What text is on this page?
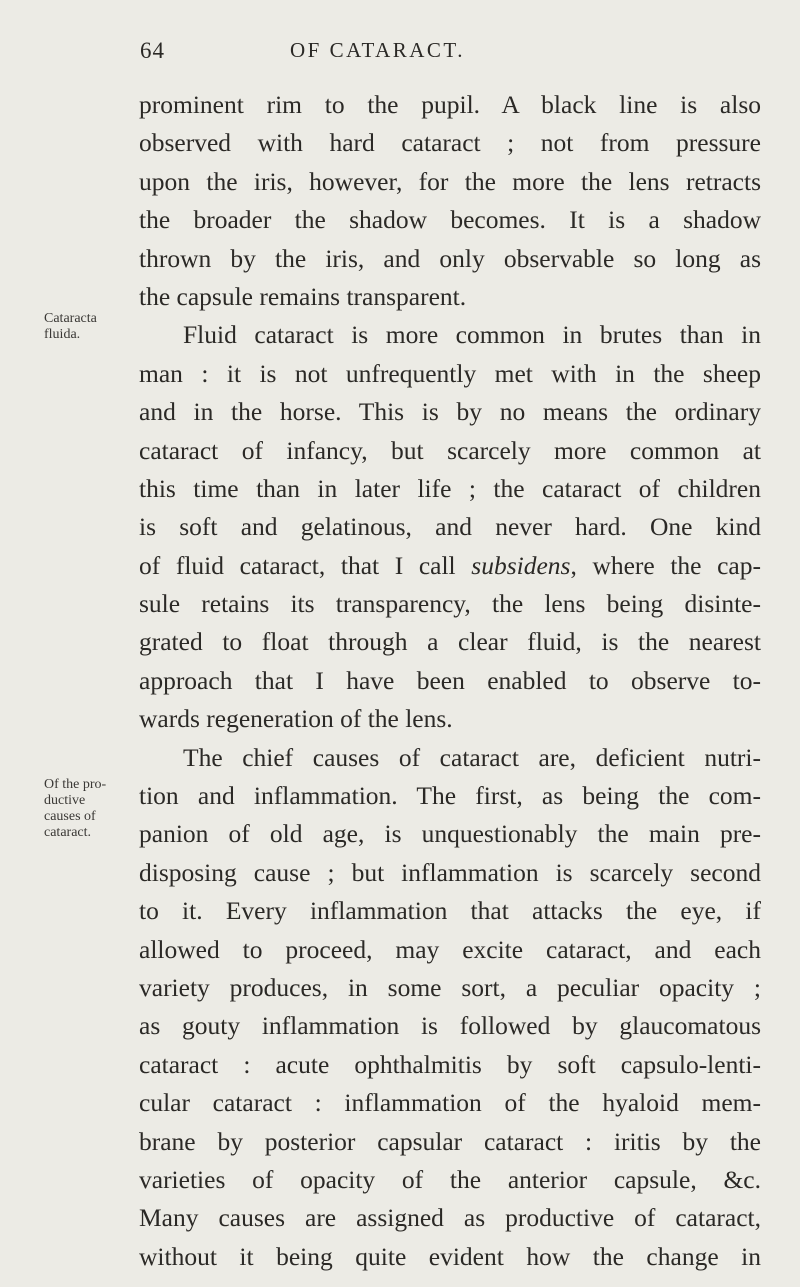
64	OF CATARACT.
Cataracta
fluida.
Of the pro-
ductive
causes of
cataract.
prominent rim to the pupil. A black line is also
observed with hard cataract ; not from pressure
upon the iris, however, for the more the lens retracts
the broader the shadow becomes. It is a shadow
thrown by the iris, and only observable so long as
the capsule remains transparent.
Fluid cataract is more common in brutes than in
man : it is not unfrequently met with in the sheep
and in the horse. This is by no means the ordinary
cataract of infancy, but scarcely more common at
this time than in later life ; the cataract of children
is soft and gelatinous, and never hard. One kind
of fluid cataract, that I call subsidens, where the cap-
sule retains its transparency, the lens being disinte-
grated to float through a clear fluid, is the nearest
approach that I have been enabled to observe to-
wards regeneration of the lens.
The chief causes of cataract are, deficient nutri-
tion and inflammation. The first, as being the com-
panion of old age, is unquestionably the main pre-
disposing cause ; but inflammation is scarcely second
to it. Every inflammation that attacks the eye, if
allowed to proceed, may excite cataract, and each
variety produces, in some sort, a peculiar opacity ;
as gouty inflammation is followed by glaucomatous
cataract : acute ophthalmitis by soft capsulo-lenti-
cular cataract : inflammation of the hyaloid mem-
brane by posterior capsular cataract : iritis by the
varieties of opacity of the anterior capsule, &c.
Many causes are assigned as productive of cataract,
without it being quite evident how the change in
